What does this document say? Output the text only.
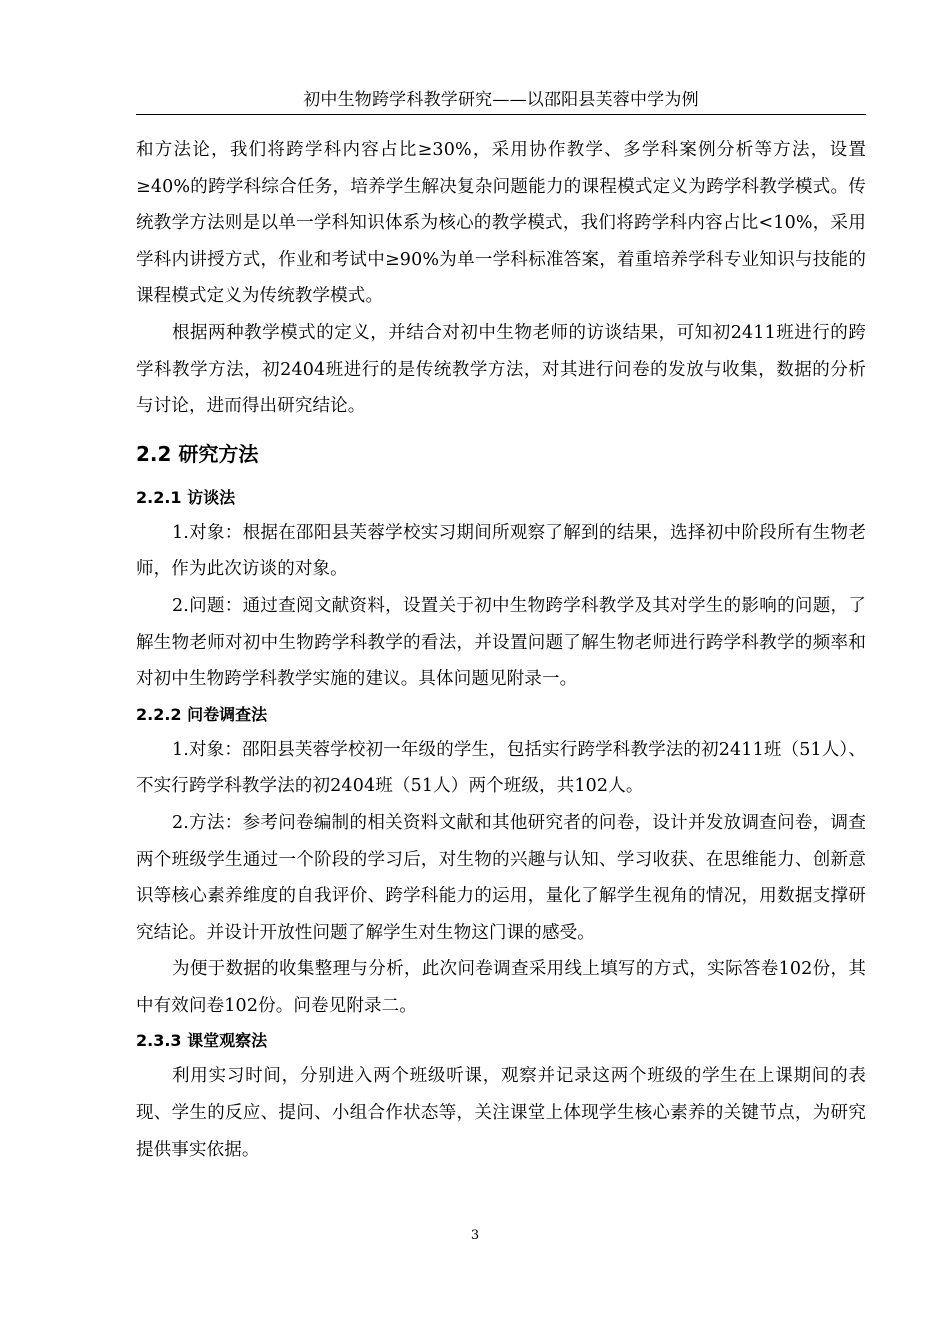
初中生物跨学科教学研究——以邵阳县芙蓉中学为例

和方法论，我们将跨学科内容占比≥30%，采用协作教学、多学科案例分析等方法，设置≥40%的跨学科综合任务，培养学生解决复杂问题能力的课程模式定义为跨学科教学模式。传统教学方法则是以单一学科知识体系为核心的教学模式，我们将跨学科内容占比<10%，采用学科内讲授方式，作业和考试中≥90%为单一学科标准答案，着重培养学科专业知识与技能的课程模式定义为传统教学模式。

根据两种教学模式的定义，并结合对初中生物老师的访谈结果，可知初2411班进行的跨学科教学方法，初2404班进行的是传统教学方法，对其进行问卷的发放与收集，数据的分析与讨论，进而得出研究结论。

2.2 研究方法
2.2.1 访谈法

1.对象：根据在邵阳县芙蓉学校实习期间所观察了解到的结果，选择初中阶段所有生物老师，作为此次访谈的对象。

2.问题：通过查阅文献资料，设置关于初中生物跨学科教学及其对学生的影响的问题，了解生物老师对初中生物跨学科教学的看法，并设置问题了解生物老师进行跨学科教学的频率和对初中生物跨学科教学实施的建议。具体问题见附录一。

2.2.2 问卷调查法

1.对象：邵阳县芙蓉学校初一年级的学生，包括实行跨学科教学法的初2411班（51人）、不实行跨学科教学法的初2404班（51人）两个班级，共102人。

2.方法：参考问卷编制的相关资料文献和其他研究者的问卷，设计并发放调查问卷，调查两个班级学生通过一个阶段的学习后，对生物的兴趣与认知、学习收获、在思维能力、创新意识等核心素养维度的自我评价、跨学科能力的运用，量化了解学生视角的情况，用数据支撑研究结论。并设计开放性问题了解学生对生物这门课的感受。

为便于数据的收集整理与分析，此次问卷调查采用线上填写的方式，实际答卷102份，其中有效问卷102份。问卷见附录二。

2.3.3 课堂观察法

利用实习时间，分别进入两个班级听课，观察并记录这两个班级的学生在上课期间的表现、学生的反应、提问、小组合作状态等，关注课堂上体现学生核心素养的关键节点，为研究提供事实依据。

3
